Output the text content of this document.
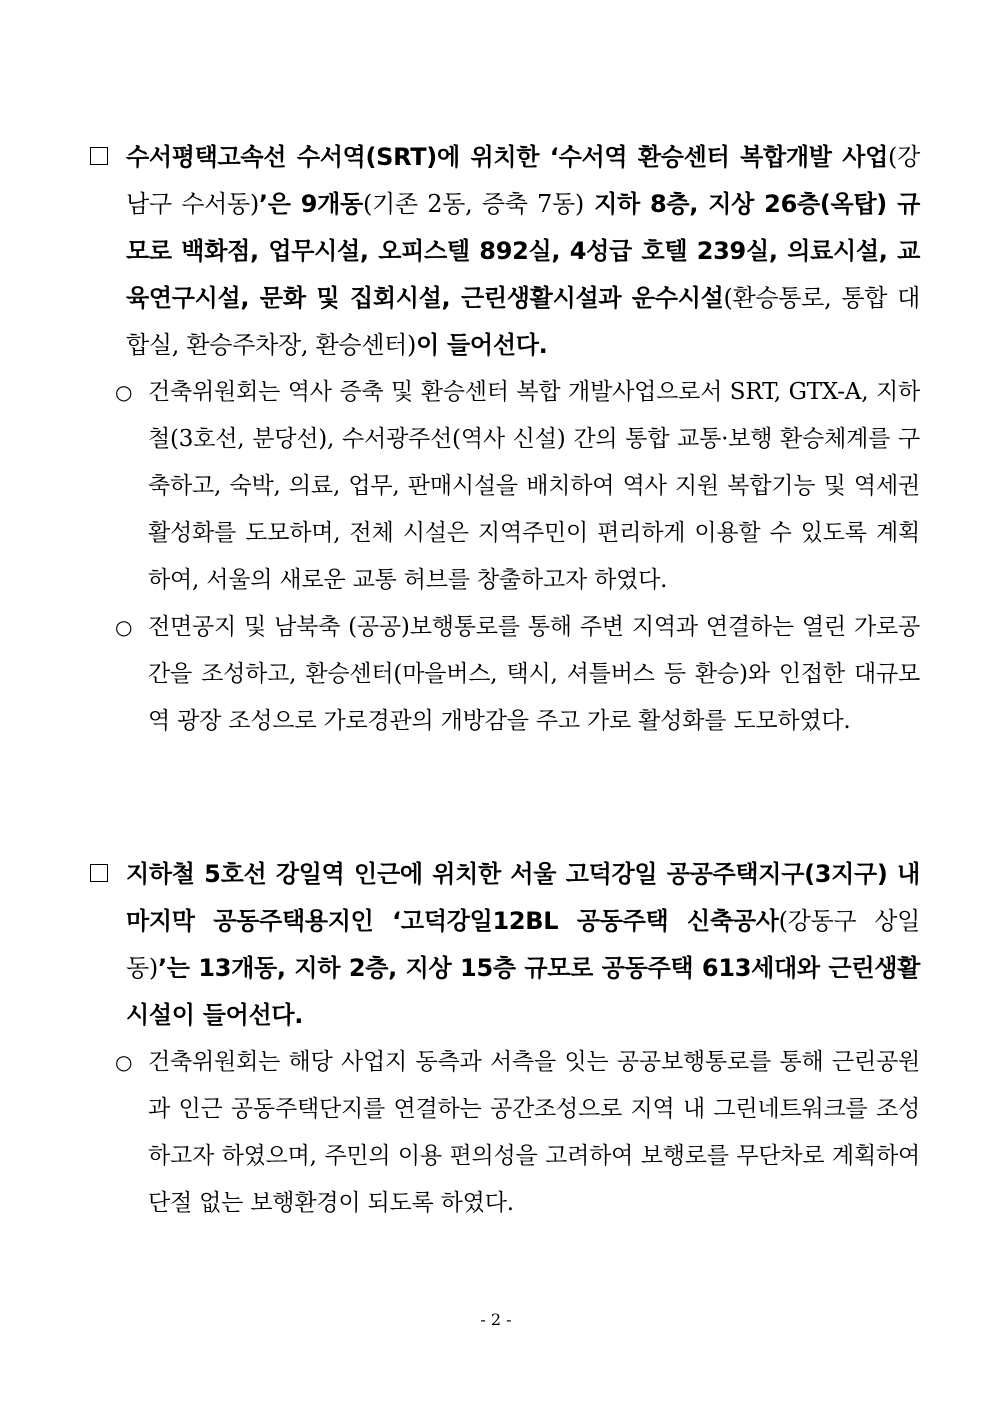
수서평택고속선 수서역(SRT)에 위치한 ‘수서역 환승센터 복합개발 사업(강남구 수서동)’은 9개동(기존 2동, 증축 7동) 지하 8층, 지상 26층(옥탑) 규모로 백화점, 업무시설, 오피스텔 892실, 4성급 호텔 239실, 의료시설, 교육연구시설, 문화 및 집회시설, 근린생활시설과 운수시설(환승통로, 통합 대합실, 환승주차장, 환승센터)이 들어선다.
○ 건축위원회는 역사 증축 및 환승센터 복합 개발사업으로서 SRT, GTX-A, 지하철(3호선, 분당선), 수서광주선(역사 신설) 간의 통합 교통·보행 환승체계를 구축하고, 숙박, 의료, 업무, 판매시설을 배치하여 역사 지원 복합기능 및 역세권 활성화를 도모하며, 전체 시설은 지역주민이 편리하게 이용할 수 있도록 계획하여, 서울의 새로운 교통 허브를 창출하고자 하였다.
○ 전면공지 및 남북축 (공공)보행통로를 통해 주변 지역과 연결하는 열린 가로공간을 조성하고, 환승센터(마을버스, 택시, 셔틀버스 등 환승)와 인접한 대규모 역 광장 조성으로 가로경관의 개방감을 주고 가로 활성화를 도모하였다.
지하철 5호선 강일역 인근에 위치한 서울 고덕강일 공공주택지구(3지구) 내 마지막 공동주택용지인 ‘고덕강일12BL 공동주택 신축공사(강동구 상일동)’는 13개동, 지하 2층, 지상 15층 규모로 공동주택 613세대와 근린생활시설이 들어선다.
○ 건축위원회는 해당 사업지 동측과 서측을 잇는 공공보행통로를 통해 근린공원과 인근 공동주택단지를 연결하는 공간조성으로 지역 내 그린네트워크를 조성하고자 하였으며, 주민의 이용 편의성을 고려하여 보행로를 무단차로 계획하여 단절 없는 보행환경이 되도록 하였다.
- 2 -
